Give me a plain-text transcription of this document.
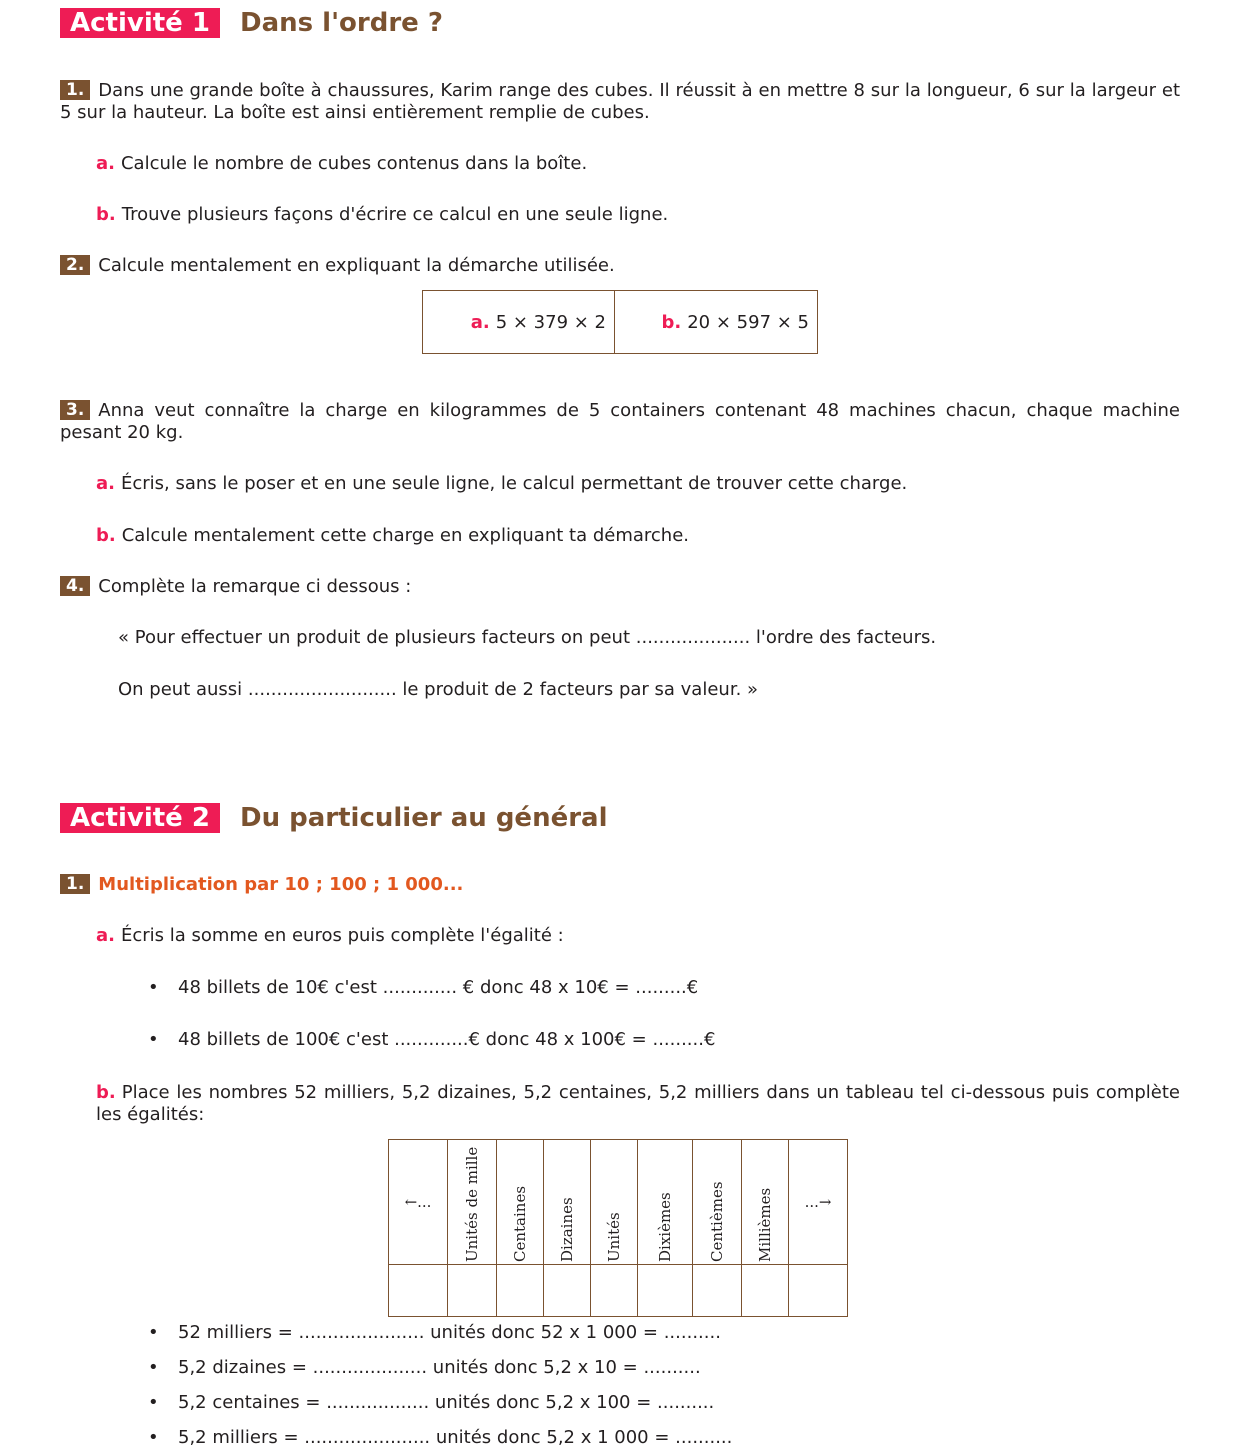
Activité 1	Dans l'ordre ?
1. Dans une grande boîte à chaussures, Karim range des cubes. Il réussit à en mettre 8 sur la longueur, 6 sur la largeur et 5 sur la hauteur. La boîte est ainsi entièrement remplie de cubes.
a. Calcule le nombre de cubes contenus dans la boîte.
b. Trouve plusieurs façons d'écrire ce calcul en une seule ligne.
2. Calcule mentalement en expliquant la démarche utilisée.
a. 5 × 379 × 2	b. 20 × 597 × 5
3. Anna veut connaître la charge en kilogrammes de 5 containers contenant 48 machines chacun, chaque machine pesant 20 kg.
a. Écris, sans le poser et en une seule ligne, le calcul permettant de trouver cette charge.
b. Calcule mentalement cette charge en expliquant ta démarche.
4. Complète la remarque ci dessous :
« Pour effectuer un produit de plusieurs facteurs on peut .................... l'ordre des facteurs.
On peut aussi .......................... le produit de 2 facteurs par sa valeur. »
Activité 2	Du particulier au général
1. Multiplication par 10 ; 100 ; 1 000...
a. Écris la somme en euros puis complète l'égalité :
• 48 billets de 10€ c'est ............. € donc 48 x 10€ = .........€
• 48 billets de 100€ c'est .............€ donc 48 x 100€ = .........€
b. Place les nombres 52 milliers, 5,2 dizaines, 5,2 centaines, 5,2 milliers dans un tableau tel ci-dessous puis complète les égalités:
←...	Unités de mille	Centaines	Dizaines	Unités	Dixièmes	Centièmes	Millièmes	...→

• 52 milliers = ...................... unités donc 52 x 1 000 = ..........
• 5,2 dizaines = .................... unités donc 5,2 x 10 = ..........
• 5,2 centaines = .................. unités donc 5,2 x 100 = ..........
• 5,2 milliers = ...................... unités donc 5,2 x 1 000 = ..........
